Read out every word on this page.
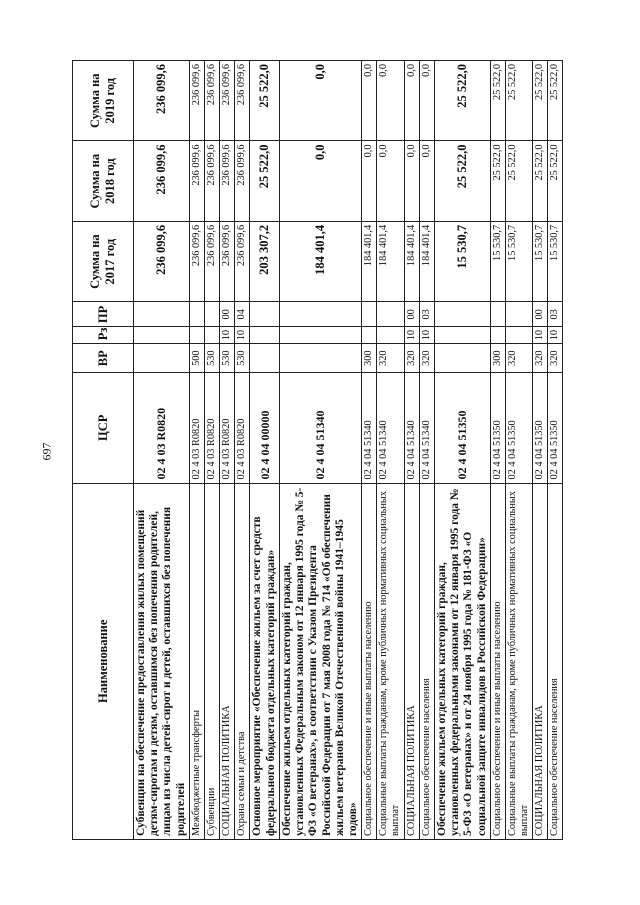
697
Наименование	ЦСР	ВР	Рз	ПР	Сумма на 2017 год	Сумма на 2018 год	Сумма на 2019 год
Субвенции на обеспечение предоставления жилых помещений детям-сиротам и детям, оставшимся без попечения родителей, лицам из числа детей-сирот и детей, оставшихся без попечения родителей	02 4 03 R0820				236 099,6	236 099,6	236 099,6
Межбюджетные трансферты	02 4 03 R0820	500			236 099,6	236 099,6	236 099,6
Субвенции	02 4 03 R0820	530			236 099,6	236 099,6	236 099,6
СОЦИАЛЬНАЯ ПОЛИТИКА	02 4 03 R0820	530	10	00	236 099,6	236 099,6	236 099,6
Охрана семьи и детства	02 4 03 R0820	530	10	04	236 099,6	236 099,6	236 099,6
Основное мероприятие «Обеспечение жильем за счет средств федерального бюджета отдельных категорий граждан»	02 4 04 00000				203 307,2	25 522,0	25 522,0
Обеспечение жильем отдельных категорий граждан, установленных Федеральным законом от 12 января 1995 года № 5-ФЗ «О ветеранах», в соответствии с Указом Президента Российской Федерации от 7 мая 2008 года № 714 «Об обеспечении жильем ветеранов Великой Отечественной войны 1941–1945 годов»	02 4 04 51340				184 401,4	0,0	0,0
Социальное обеспечение и иные выплаты населению	02 4 04 51340	300			184 401,4	0,0	0,0
Социальные выплаты гражданам, кроме публичных нормативных социальных выплат	02 4 04 51340	320			184 401,4	0,0	0,0
СОЦИАЛЬНАЯ ПОЛИТИКА	02 4 04 51340	320	10	00	184 401,4	0,0	0,0
Социальное обеспечение населения	02 4 04 51340	320	10	03	184 401,4	0,0	0,0
Обеспечение жильем отдельных категорий граждан, установленных федеральными законами от 12 января 1995 года № 5-ФЗ «О ветеранах» и от 24 ноября 1995 года № 181-ФЗ «О социальной защите инвалидов в Российской Федерации»	02 4 04 51350				15 530,7	25 522,0	25 522,0
Социальное обеспечение и иные выплаты населению	02 4 04 51350	300			15 530,7	25 522,0	25 522,0
Социальные выплаты гражданам, кроме публичных нормативных социальных выплат	02 4 04 51350	320			15 530,7	25 522,0	25 522,0
СОЦИАЛЬНАЯ ПОЛИТИКА	02 4 04 51350	320	10	00	15 530,7	25 522,0	25 522,0
Социальное обеспечение населения	02 4 04 51350	320	10	03	15 530,7	25 522,0	25 522,0
